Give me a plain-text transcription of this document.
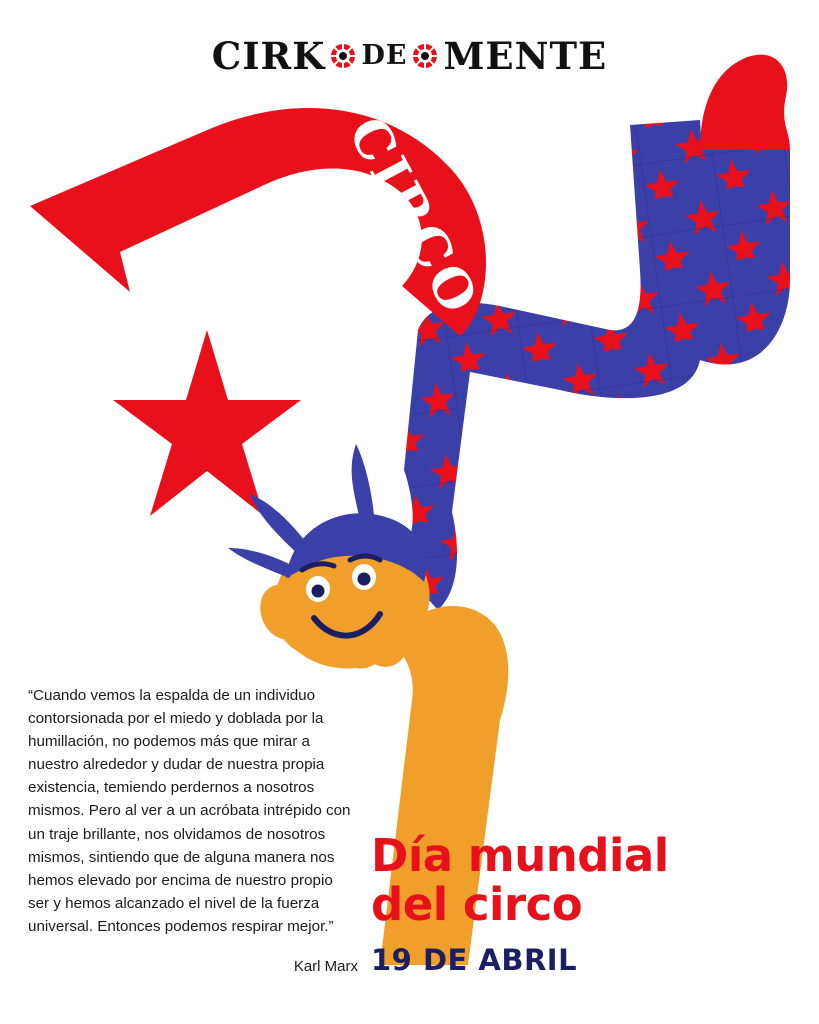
CIRCO
CIRK DE MENTE
“Cuando vemos la espalda de un individuo contorsionada por el miedo y doblada por la humillación, no podemos más que mirar a nuestro alrededor y dudar de nuestra propia existencia, temiendo perdernos a nosotros mismos. Pero al ver a un acróbata intrépido con un traje brillante, nos olvidamos de nosotros mismos, sintiendo que de alguna manera nos hemos elevado por encima de nuestro propio ser y hemos alcanzado el nivel de la fuerza universal. Entonces podemos respirar mejor.”
Karl Marx
Día mundial
del circo
19 DE ABRIL
